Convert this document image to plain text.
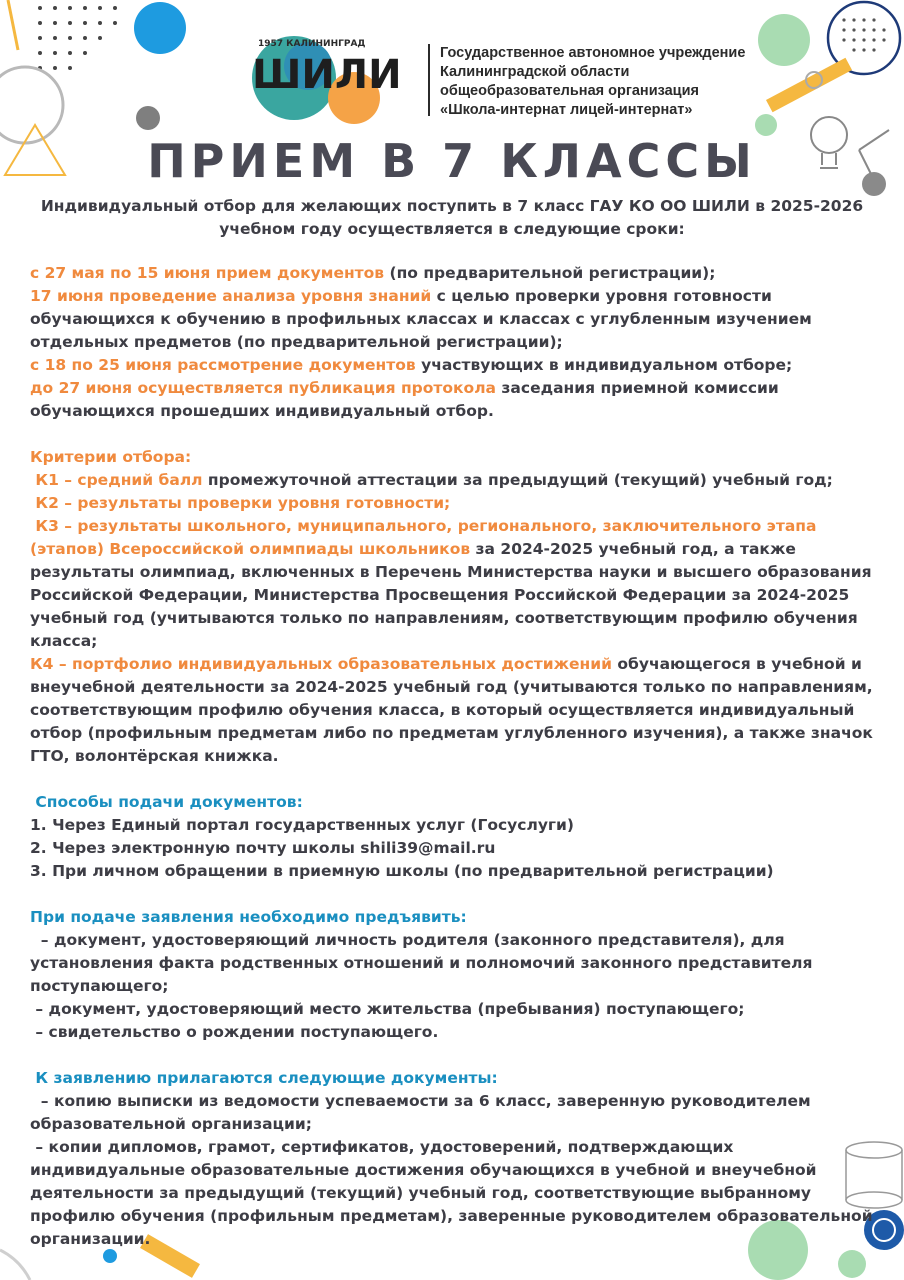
1957 КАЛИНИНГРАД
ШИЛИ	Государственное автономное учреждение
Калининградской области
общеобразовательная организация
«Школа-интернат лицей-интернат»
ПРИЕМ В 7 КЛАССЫ
Индивидуальный отбор для желающих поступить в 7 класс ГАУ КО ОО ШИЛИ в 2025-2026 учебном году осуществляется в следующие сроки:

с 27 мая по 15 июня прием документов (по предварительной регистрации);

17 июня проведение анализа уровня знаний с целью проверки уровня готовности обучающихся к обучению в профильных классах и классах с углубленным изучением отдельных предметов (по предварительной регистрации);

с 18 по 25 июня рассмотрение документов участвующих в индивидуальном отборе;

до 27 июня осуществляется публикация протокола заседания приемной комиссии обучающихся прошедших индивидуальный отбор.

Критерии отбора:

К1 – средний балл промежуточной аттестации за предыдущий (текущий) учебный год;

К2 – результаты проверки уровня готовности;

К3 – результаты школьного, муниципального, регионального, заключительного этапа (этапов) Всероссийской олимпиады школьников за 2024-2025 учебный год, а также результаты олимпиад, включенных в Перечень Министерства науки и высшего образования Российской Федерации, Министерства Просвещения Российской Федерации за 2024-2025 учебный год (учитываются только по направлениям, соответствующим профилю обучения класса;

К4 – портфолио индивидуальных образовательных достижений обучающегося в учебной и внеучебной деятельности за 2024-2025 учебный год (учитываются только по направлениям, соответствующим профилю обучения класса, в который осуществляется индивидуальный отбор (профильным предметам либо по предметам углубленного изучения), а также значок ГТО, волонтёрская книжка.

Способы подачи документов:

1. Через Единый портал государственных услуг (Госуслуги)

2. Через электронную почту школы shili39@mail.ru

3. При личном обращении в приемную школы (по предварительной регистрации)

При подаче заявления необходимо предъявить:

– документ, удостоверяющий личность родителя (законного представителя), для установления факта родственных отношений и полномочий законного представителя поступающего;

– документ, удостоверяющий место жительства (пребывания) поступающего;

– свидетельство о рождении поступающего.

К заявлению прилагаются следующие документы:

– копию выписки из ведомости успеваемости за 6 класс, заверенную руководителем образовательной организации;

– копии дипломов, грамот, сертификатов, удостоверений, подтверждающих индивидуальные образовательные достижения обучающихся в учебной и внеучебной деятельности за предыдущий (текущий) учебный год, соответствующие выбранному профилю обучения (профильным предметам), заверенные руководителем образовательной организации.
